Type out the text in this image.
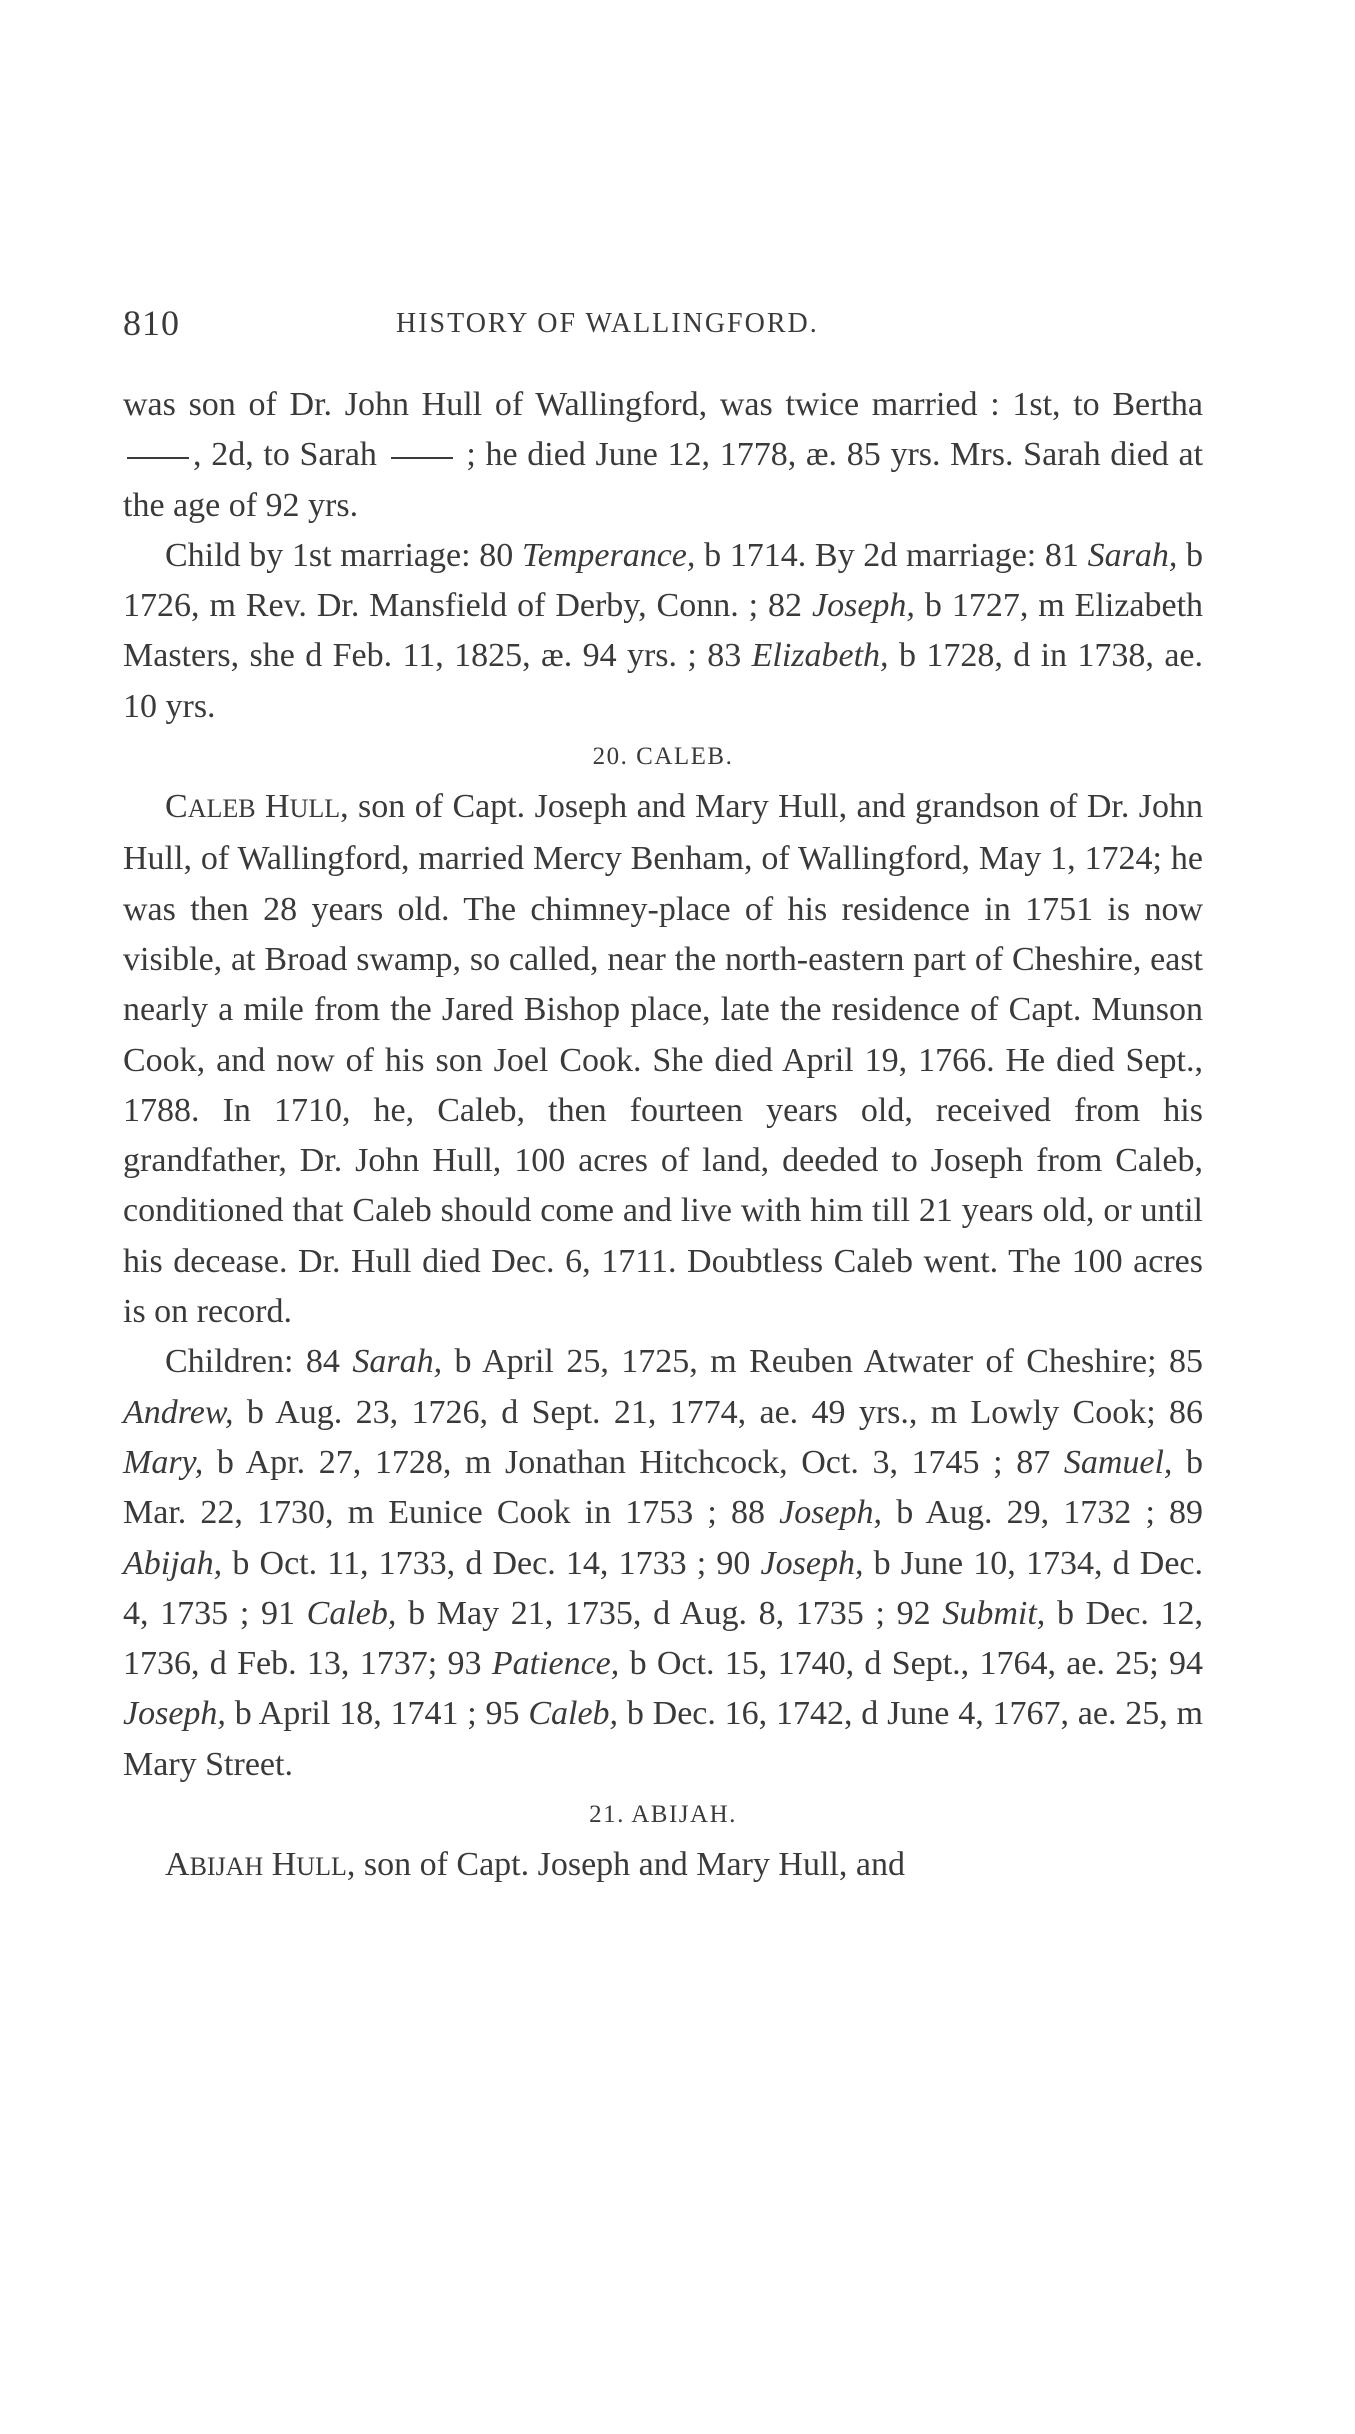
810	HISTORY OF WALLINGFORD.

was son of Dr. John Hull of Wallingford, was twice married : 1st, to Bertha , 2d, to Sarah	; he died June 12, 1778, æ. 85 yrs. Mrs. Sarah died at the age of 92 yrs.

Child by 1st marriage: 80 Temperance, b 1714. By 2d marriage: 81 Sarah, b 1726, m Rev. Dr. Mansfield of Derby, Conn. ; 82 Joseph, b 1727, m Elizabeth Masters, she d Feb. 11, 1825, æ. 94 yrs. ; 83 Elizabeth, b 1728, d in 1738, ae. 10 yrs.

20. CALEB.

CALEB HULL, son of Capt. Joseph and Mary Hull, and grandson of Dr. John Hull, of Wallingford, married Mercy Benham, of Wallingford, May 1, 1724; he was then 28 years old. The chimney-place of his residence in 1751 is now visible, at Broad swamp, so called, near the north-eastern part of Cheshire, east nearly a mile from the Jared Bishop place, late the residence of Capt. Munson Cook, and now of his son Joel Cook. She died April 19, 1766. He died Sept., 1788. In 1710, he, Caleb, then fourteen years old, received from his grandfather, Dr. John Hull, 100 acres of land, deeded to Joseph from Caleb, conditioned that Caleb should come and live with him till 21 years old, or until his decease. Dr. Hull died Dec. 6, 1711. Doubtless Caleb went. The 100 acres is on record.

Children: 84 Sarah, b April 25, 1725, m Reuben Atwater of Cheshire; 85 Andrew, b Aug. 23, 1726, d Sept. 21, 1774, ae. 49 yrs., m Lowly Cook; 86 Mary, b Apr. 27, 1728, m Jonathan Hitchcock, Oct. 3, 1745 ; 87 Samuel, b Mar. 22, 1730, m Eunice Cook in 1753 ; 88 Joseph, b Aug. 29, 1732 ; 89 Abijah, b Oct. 11, 1733, d Dec. 14, 1733 ; 90 Joseph, b June 10, 1734, d Dec. 4, 1735 ; 91 Caleb, b May 21, 1735, d Aug. 8, 1735 ; 92 Submit, b Dec. 12, 1736, d Feb. 13, 1737; 93 Patience, b Oct. 15, 1740, d Sept., 1764, ae. 25; 94 Joseph, b April 18, 1741 ; 95 Caleb, b Dec. 16, 1742, d June 4, 1767, ae. 25, m Mary Street.

21. ABIJAH.

ABIJAH HULL, son of Capt. Joseph and Mary Hull, and
